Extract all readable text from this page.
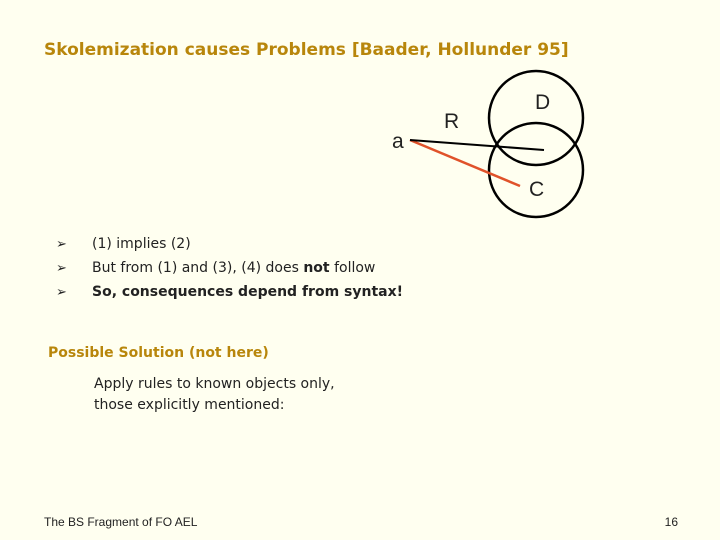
Skolemization causes Problems [Baader, Hollunder 95]
a
R
D
C
➢	(1) implies (2)
➢	But from (1) and (3), (4) does not follow
➢	So, consequences depend from syntax!
Possible Solution (not here)
Apply rules to known objects only,
those explicitly mentioned:
The BS Fragment of FO AEL	16
